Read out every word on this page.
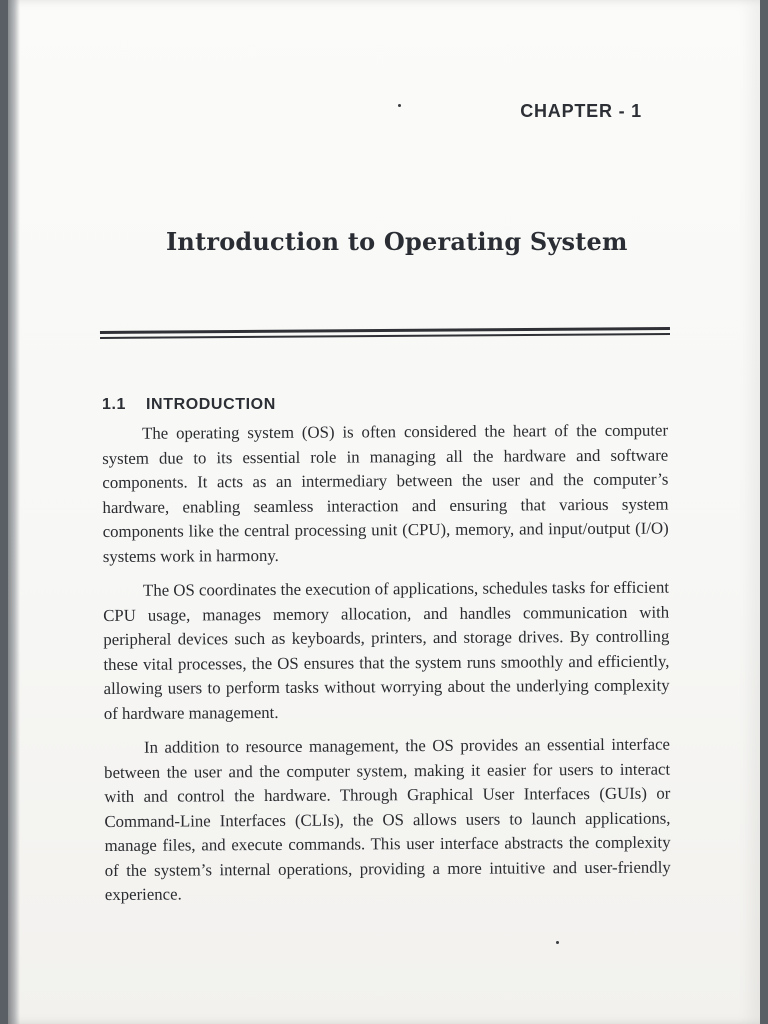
CHAPTER - 1
Introduction to Operating System
1.1 INTRODUCTION

The operating system (OS) is often considered the heart of the computer system due to its essential role in managing all the hardware and software components. It acts as an intermediary between the user and the computer’s hardware, enabling seamless interaction and ensuring that various system components like the central processing unit (CPU), memory, and input/output (I/O) systems work in harmony.

The OS coordinates the execution of applications, schedules tasks for efficient CPU usage, manages memory allocation, and handles communication with peripheral devices such as keyboards, printers, and storage drives. By controlling these vital processes, the OS ensures that the system runs smoothly and efficiently, allowing users to perform tasks without worrying about the underlying complexity of hardware management.

In addition to resource management, the OS provides an essential interface between the user and the computer system, making it easier for users to interact with and control the hardware. Through Graphical User Interfaces (GUIs) or Command-Line Interfaces (CLIs), the OS allows users to launch applications, manage files, and execute commands. This user interface abstracts the complexity of the system’s internal operations, providing a more intuitive and user-friendly experience.
